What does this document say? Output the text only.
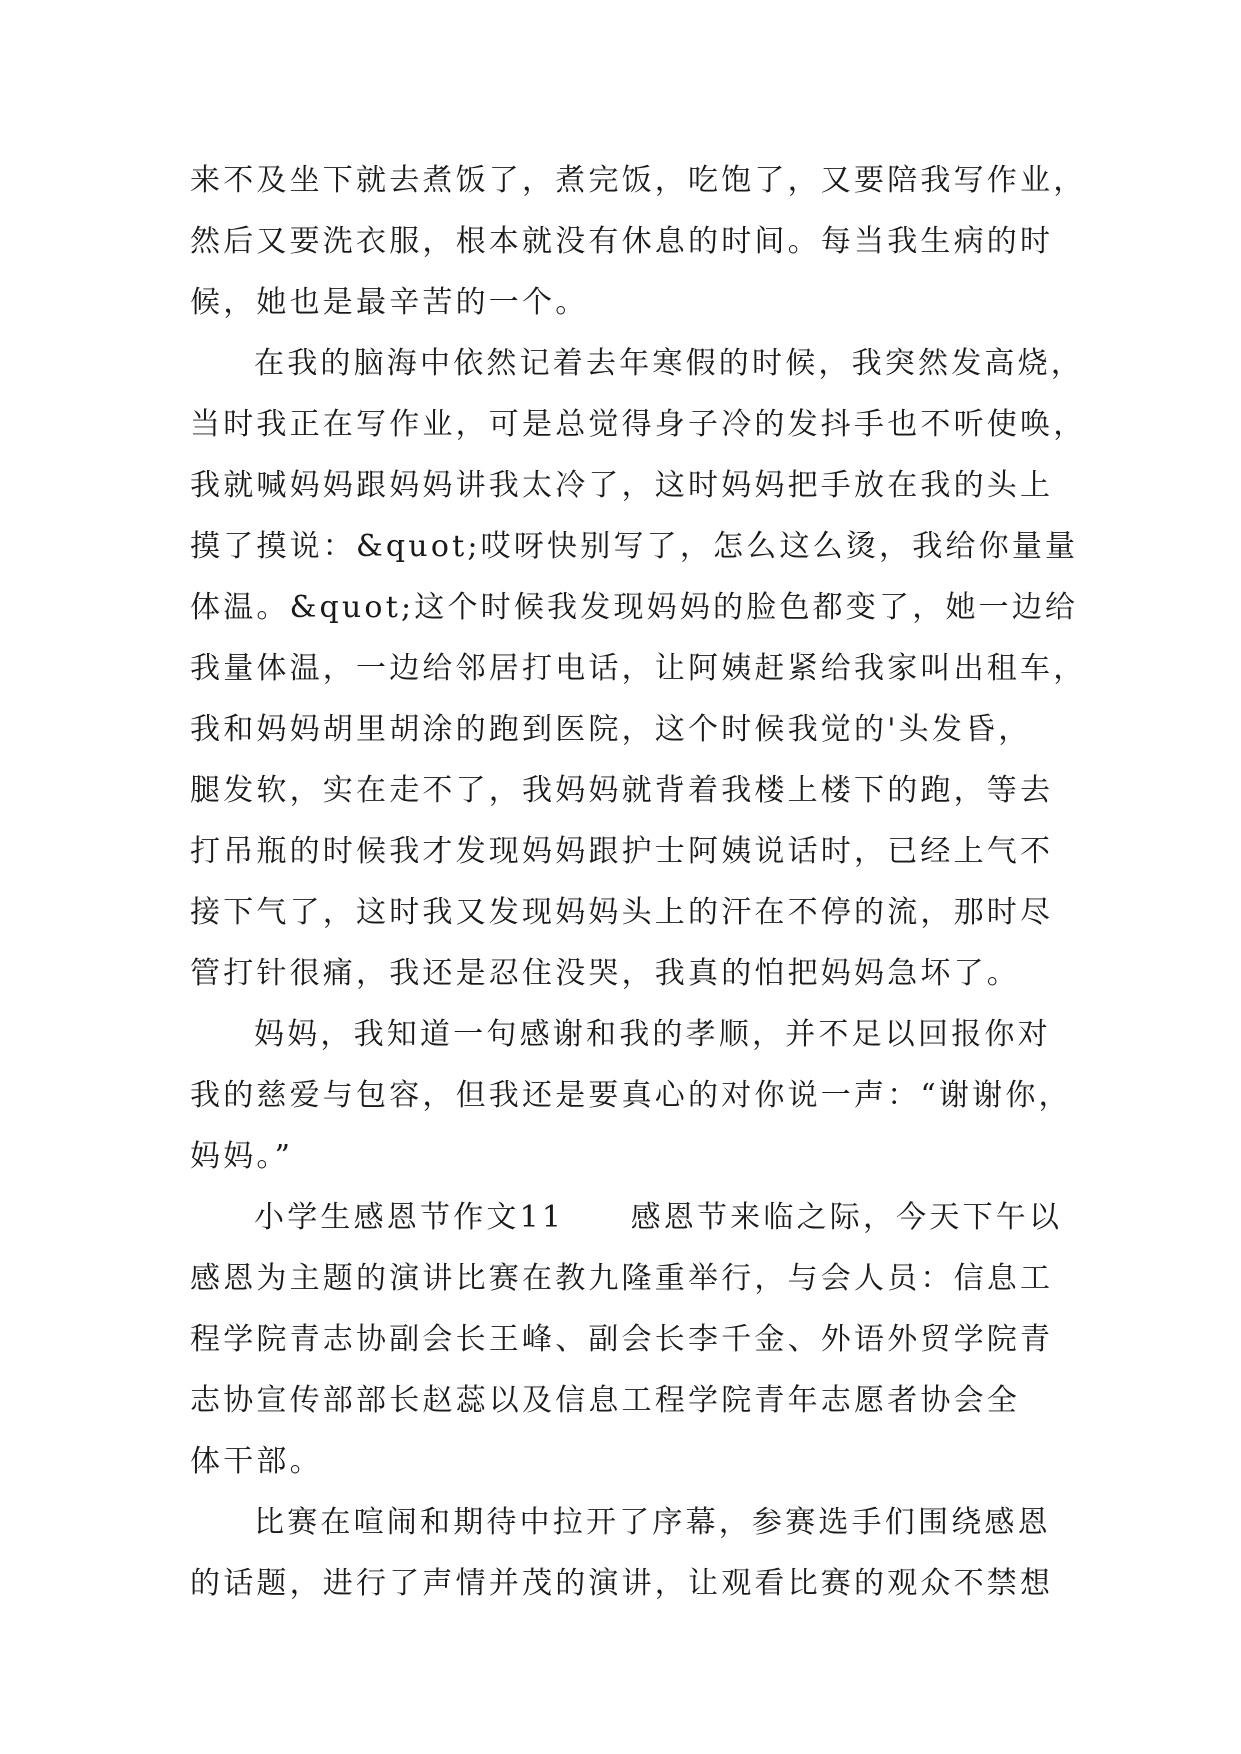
来不及坐下就去煮饭了，煮完饭，吃饱了，又要陪我写作业，
然后又要洗衣服，根本就没有休息的时间。每当我生病的时
候，她也是最辛苦的一个。
在我的脑海中依然记着去年寒假的时候，我突然发高烧，
当时我正在写作业，可是总觉得身子冷的发抖手也不听使唤，
我就喊妈妈跟妈妈讲我太冷了，这时妈妈把手放在我的头上
摸了摸说：&quot;哎呀快别写了，怎么这么烫，我给你量量
体温。&quot;这个时候我发现妈妈的脸色都变了，她一边给
我量体温，一边给邻居打电话，让阿姨赶紧给我家叫出租车，
我和妈妈胡里胡涂的跑到医院，这个时候我觉的'头发昏，
腿发软，实在走不了，我妈妈就背着我楼上楼下的跑，等去
打吊瓶的时候我才发现妈妈跟护士阿姨说话时，已经上气不
接下气了，这时我又发现妈妈头上的汗在不停的流，那时尽
管打针很痛，我还是忍住没哭，我真的怕把妈妈急坏了。
妈妈，我知道一句感谢和我的孝顺，并不足以回报你对
我的慈爱与包容，但我还是要真心的对你说一声：“谢谢你，
妈妈。”
小学生感恩节作文11　　感恩节来临之际，今天下午以
感恩为主题的演讲比赛在教九隆重举行，与会人员：信息工
程学院青志协副会长王峰、副会长李千金、外语外贸学院青
志协宣传部部长赵蕊以及信息工程学院青年志愿者协会全
体干部。
比赛在喧闹和期待中拉开了序幕，参赛选手们围绕感恩
的话题，进行了声情并茂的演讲，让观看比赛的观众不禁想
